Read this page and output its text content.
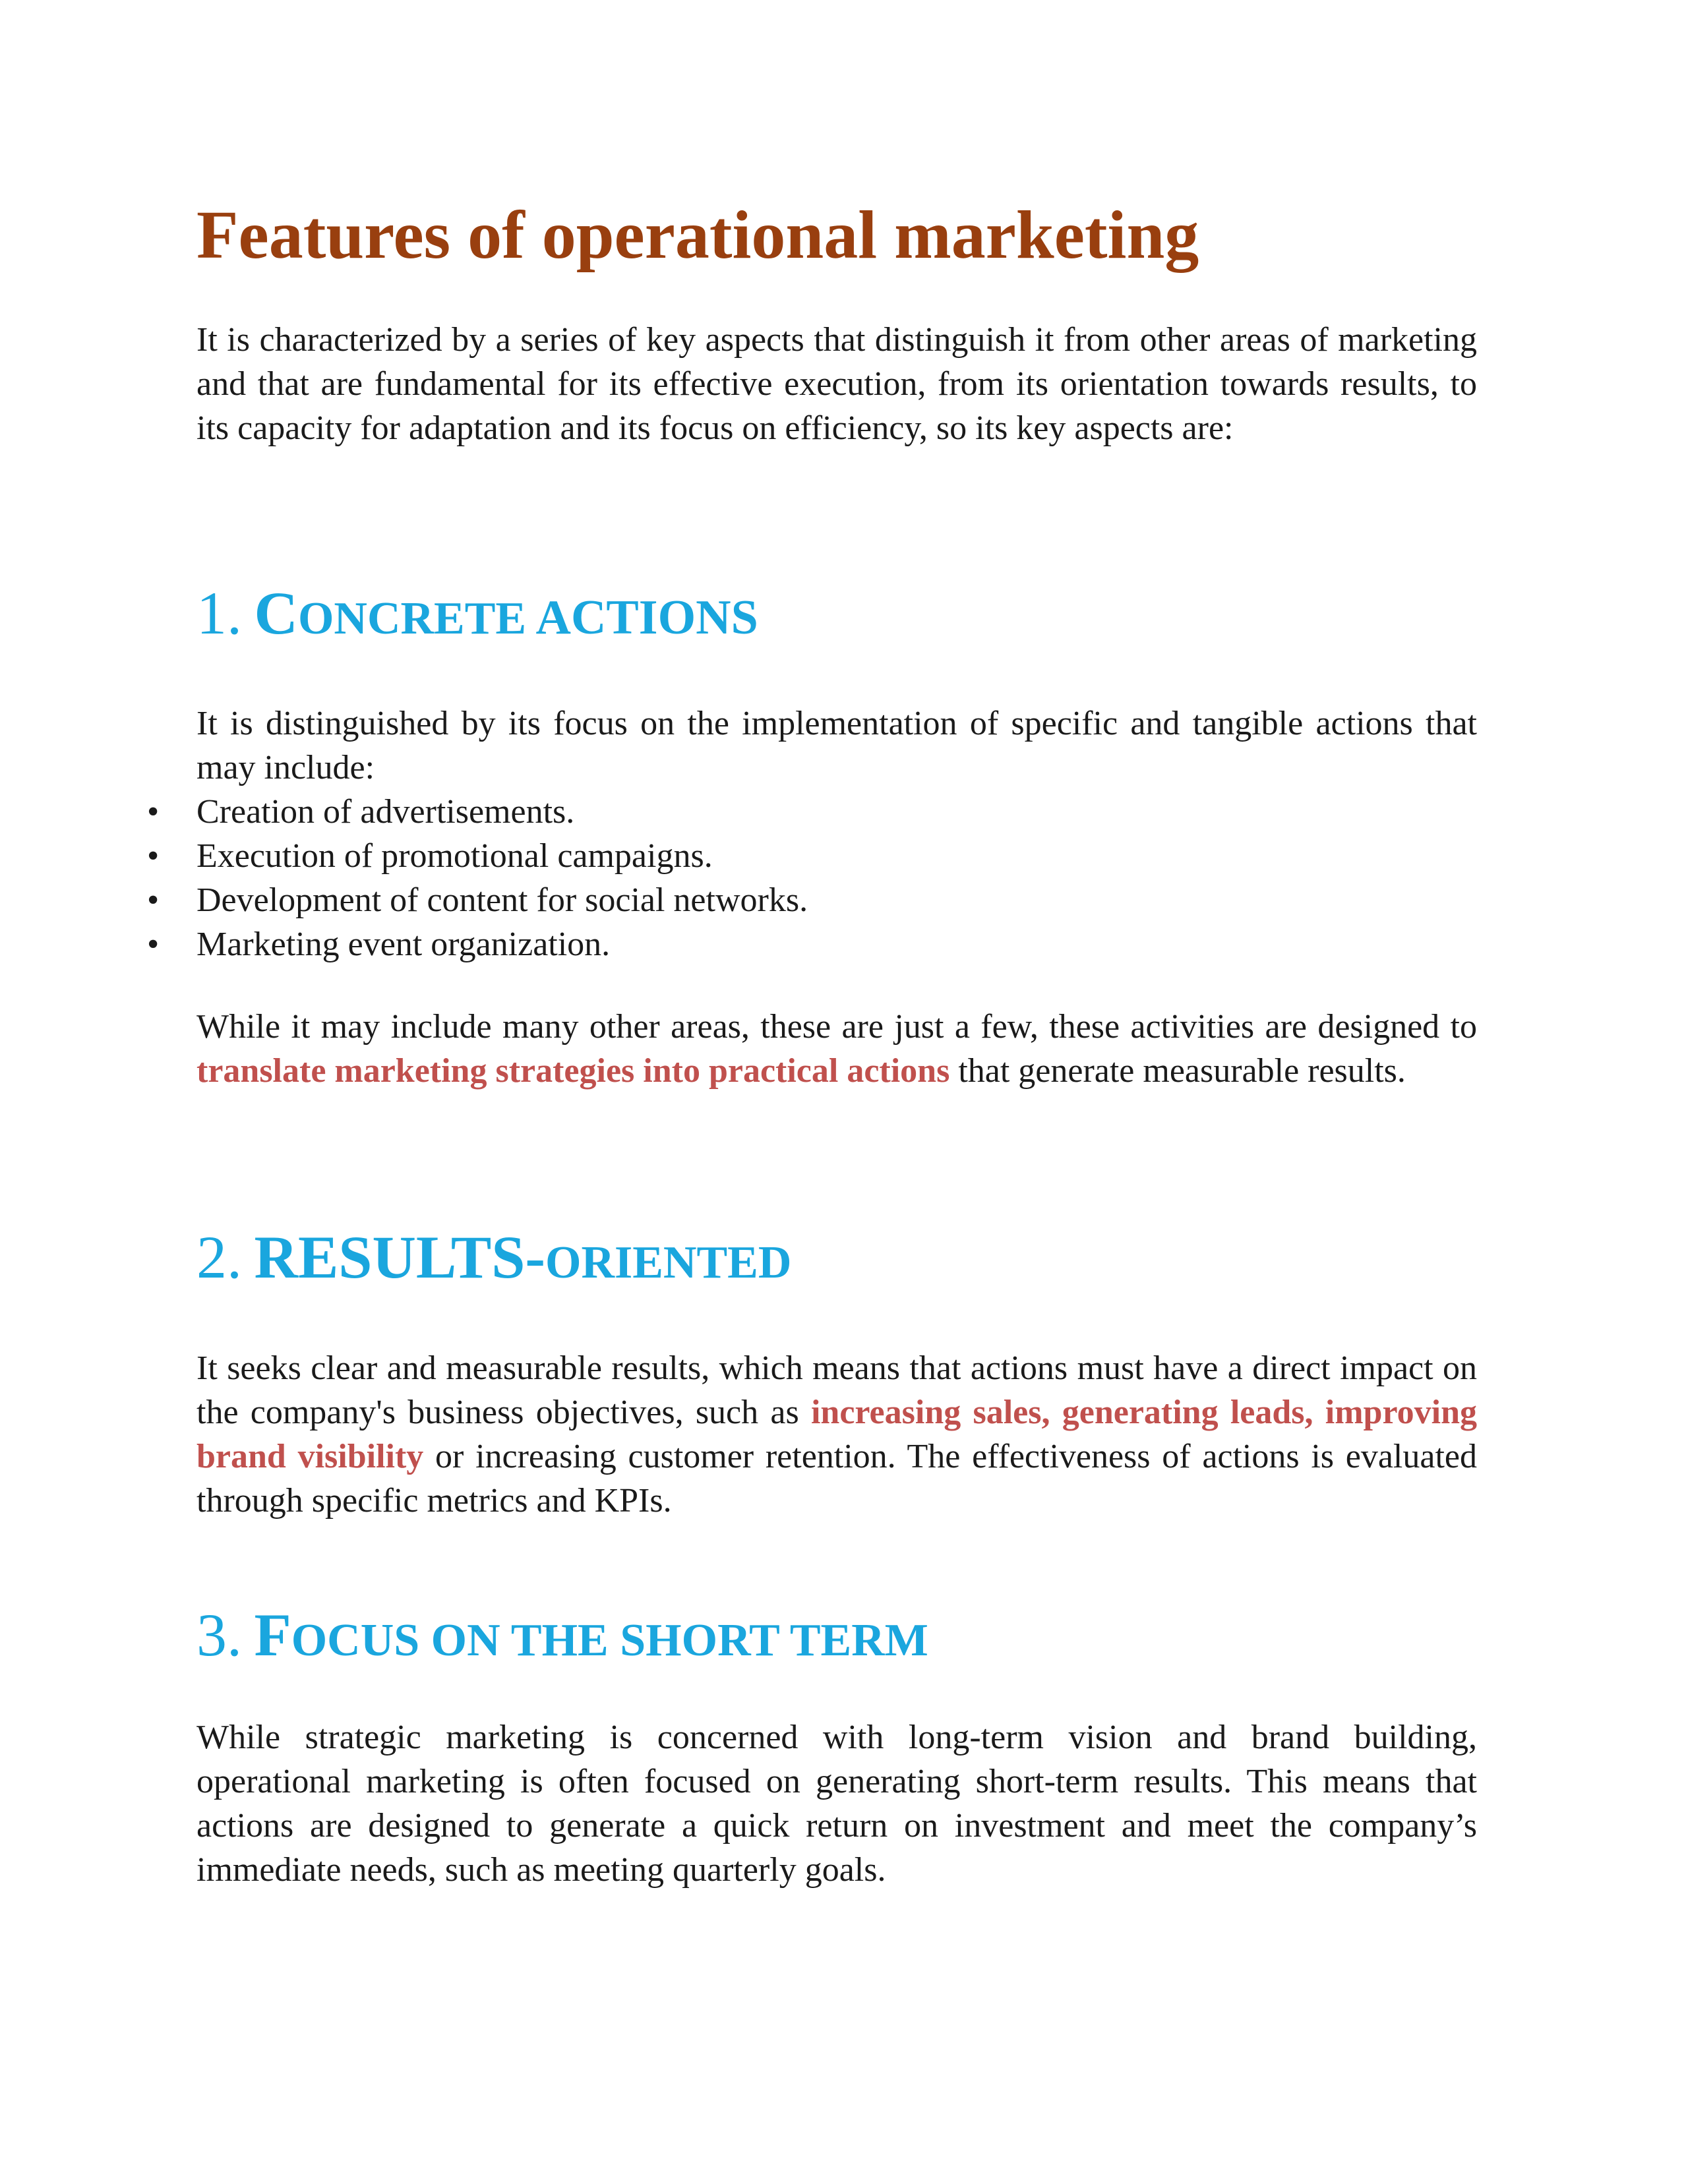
Features of operational marketing

It is characterized by a series of key aspects that distinguish it from other areas of marketing and that are fundamental for its effective execution, from its orientation towards results, to its capacity for adaptation and its focus on efficiency, so its key aspects are:

1. CONCRETE ACTIONS

It is distinguished by its focus on the implementation of specific and tangible actions that may include:

• Creation of advertisements.
• Execution of promotional campaigns.
• Development of content for social networks.
• Marketing event organization.

While it may include many other areas, these are just a few, these activities are designed to translate marketing strategies into practical actions that generate measurable results.

2. RESULTS-ORIENTED

It seeks clear and measurable results, which means that actions must have a direct impact on the company's business objectives, such as increasing sales, generating leads, improving brand visibility or increasing customer retention. The effectiveness of actions is evaluated through specific metrics and KPIs.

3. FOCUS ON THE SHORT TERM

While strategic marketing is concerned with long-term vision and brand building, operational marketing is often focused on generating short-term results. This means that actions are designed to generate a quick return on investment and meet the company’s immediate needs, such as meeting quarterly goals.
